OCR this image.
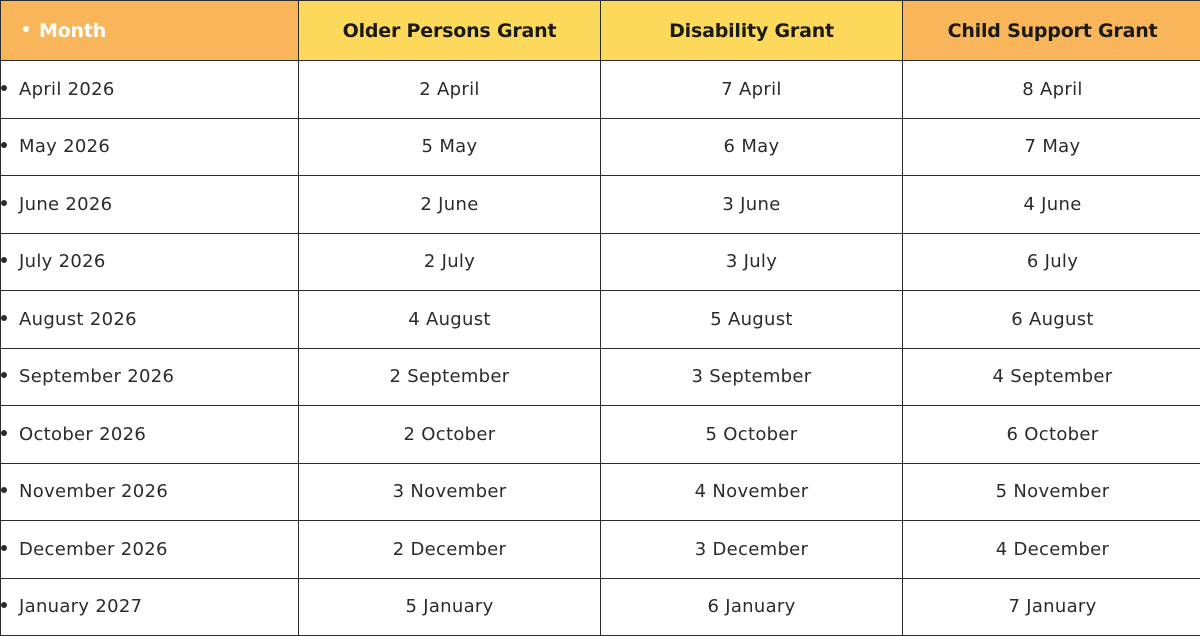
Month	Older Persons Grant	Disability Grant	Child Support Grant
April 2026	2 April	7 April	8 April
May 2026	5 May	6 May	7 May
June 2026	2 June	3 June	4 June
July 2026	2 July	3 July	6 July
August 2026	4 August	5 August	6 August
September 2026	2 September	3 September	4 September
October 2026	2 October	5 October	6 October
November 2026	3 November	4 November	5 November
December 2026	2 December	3 December	4 December
January 2027	5 January	6 January	7 January
